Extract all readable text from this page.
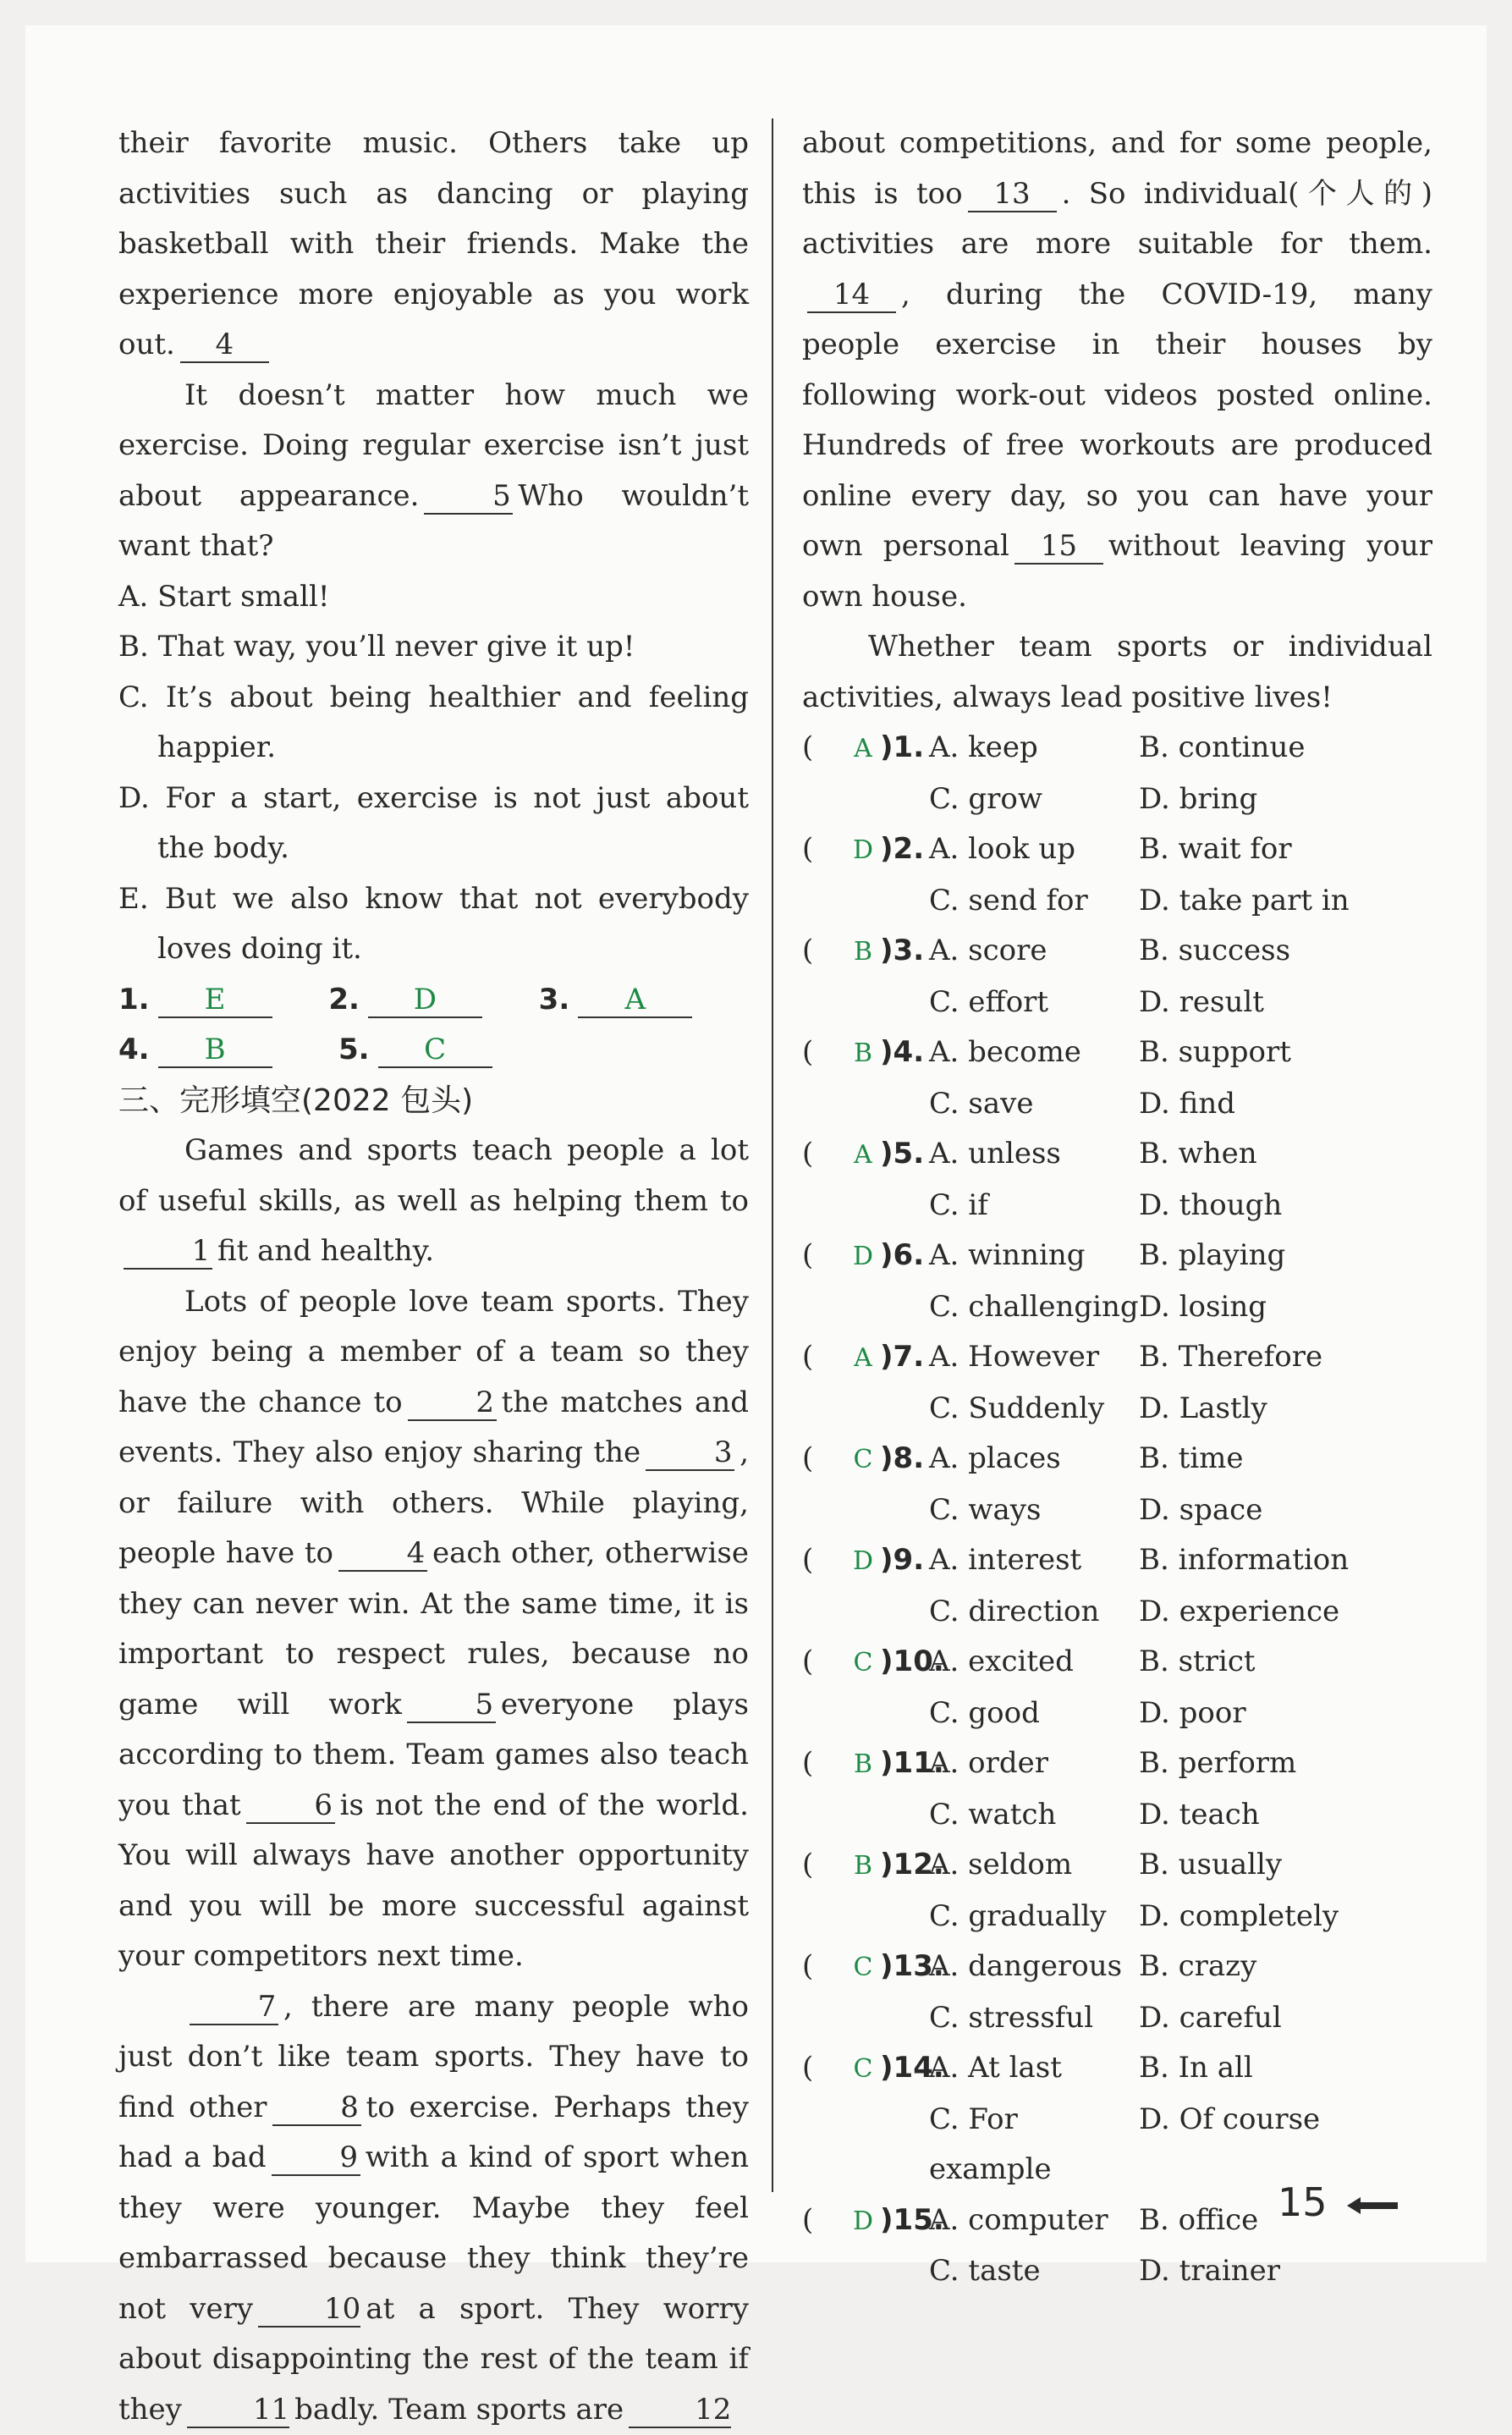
their favorite music. Others take up activities such as dancing or playing basketball with their friends. Make the experience more enjoyable as you work out. 4

It doesn’t matter how much we exercise. Doing regular exercise isn’t just about appearance.	5 Who wouldn’t want that?

A. Start small!

B. That way, you’ll never give it up!

C. It’s about being healthier and feeling happier.

D. For a start, exercise is not just about the body.

E. But we also know that not everybody loves doing it.

1.	E	2.	D	3.	A

4.	B	5.	C

三、完形填空(2022 包头)

Games and sports teach people a lot of useful skills, as well as helping them to1 fit and healthy.

Lots of people love team sports. They enjoy being a member of a team so they have the chance to	2 the matches and events. They also enjoy sharing the	3 , or failure with others. While playing, people have to	4 each other, otherwise they can never win. At the same time, it is important to respect rules, because no game will work	5 everyone plays according to them. Team games also teach you that	6 is not the end of the world. You will always have another opportunity and you will be more successful against your competitors next time.

7 , there are many people who just don’t like team sports. They have to find other	8 to exercise. Perhaps they had a bad	9 with a kind of sport when they were younger. Maybe they feel embarrassed because they think they’re not very 10 at a sport. They worry about disappointing the rest of the team if they 11 badly. Team sports are 12

about competitions, and for some people, this is too 13 . So individual(个人的) activities are more suitable for them.14 , during the COVID-19, many people exercise in their houses by following work-out videos posted online. Hundreds of free workouts are produced online every day, so you can have your own personal 15 without leaving your own house.

Whether team sports or individual activities, always lead positive lives!

(	A )1. A. keep	B. continue
C. grow	D. bring
(	D )2. A. look up	B. wait for
C. send for	D. take part in
(	B )3. A. score	B. success
C. effort	D. result
(	B )4. A. become	B. support
C. save	D. find
(	A )5. A. unless	B. when
C. if	D. though
(	D )6. A. winning	B. playing
C. challenging D. losing
(	A )7. A. However	B. Therefore
C. Suddenly	D. Lastly
(	C )8. A. places	B. time
C. ways	D. space
(	D )9. A. interest	B. information
C. direction	D. experience
(	C )10.
A. excited	B. strict
C. good	D. poor
(	B )11.
A. order	B. perform
C. watch	D. teach
(	B )12.
A. seldom	B. usually
C. gradually	D. completely
(	C )13.
A. dangerous B. crazy
C. stressful	D. careful
(	C )14.
A. At last	B. In all
C. For example
D. Of course
(	D )15.
A. computer	B. office
C. taste	D. trainer
15
